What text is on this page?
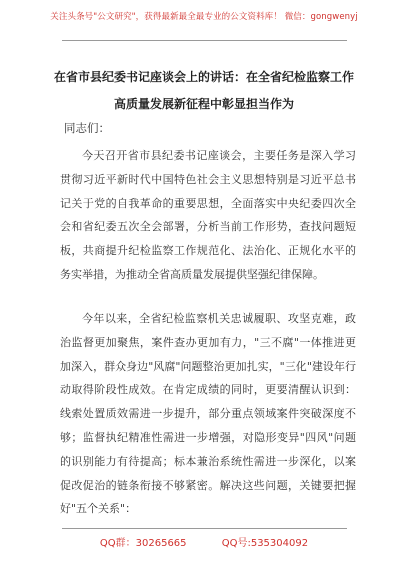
关注头条号"公文研究"，获得最新最全最专业的公文资料库！ 微信：gongwenyj
在省市县纪委书记座谈会上的讲话：在全省纪检监察工作
高质量发展新征程中彰显担当作为
同志们：

今天召开省市县纪委书记座谈会，主要任务是深入学习贯彻习近平新时代中国特色社会主义思想特别是习近平总书记关于党的自我革命的重要思想，全面落实中央纪委四次全会和省纪委五次全会部署，分析当前工作形势，查找问题短板，共商提升纪检监察工作规范化、法治化、正规化水平的务实举措，为推动全省高质量发展提供坚强纪律保障。

今年以来，全省纪检监察机关忠诚履职、攻坚克难，政治监督更加聚焦，案件查办更加有力，"三不腐"一体推进更加深入，群众身边"风腐"问题整治更加扎实，"三化"建设年行动取得阶段性成效。在肯定成绩的同时，更要清醒认识到：线索处置质效需进一步提升，部分重点领域案件突破深度不够；监督执纪精准性需进一步增强，对隐形变异"四风"问题的识别能力有待提高；标本兼治系统性需进一步深化，以案促改促治的链条衔接不够紧密。解决这些问题，关键要把握好"五个关系"：

QQ群：30265665	QQ号:535304092
